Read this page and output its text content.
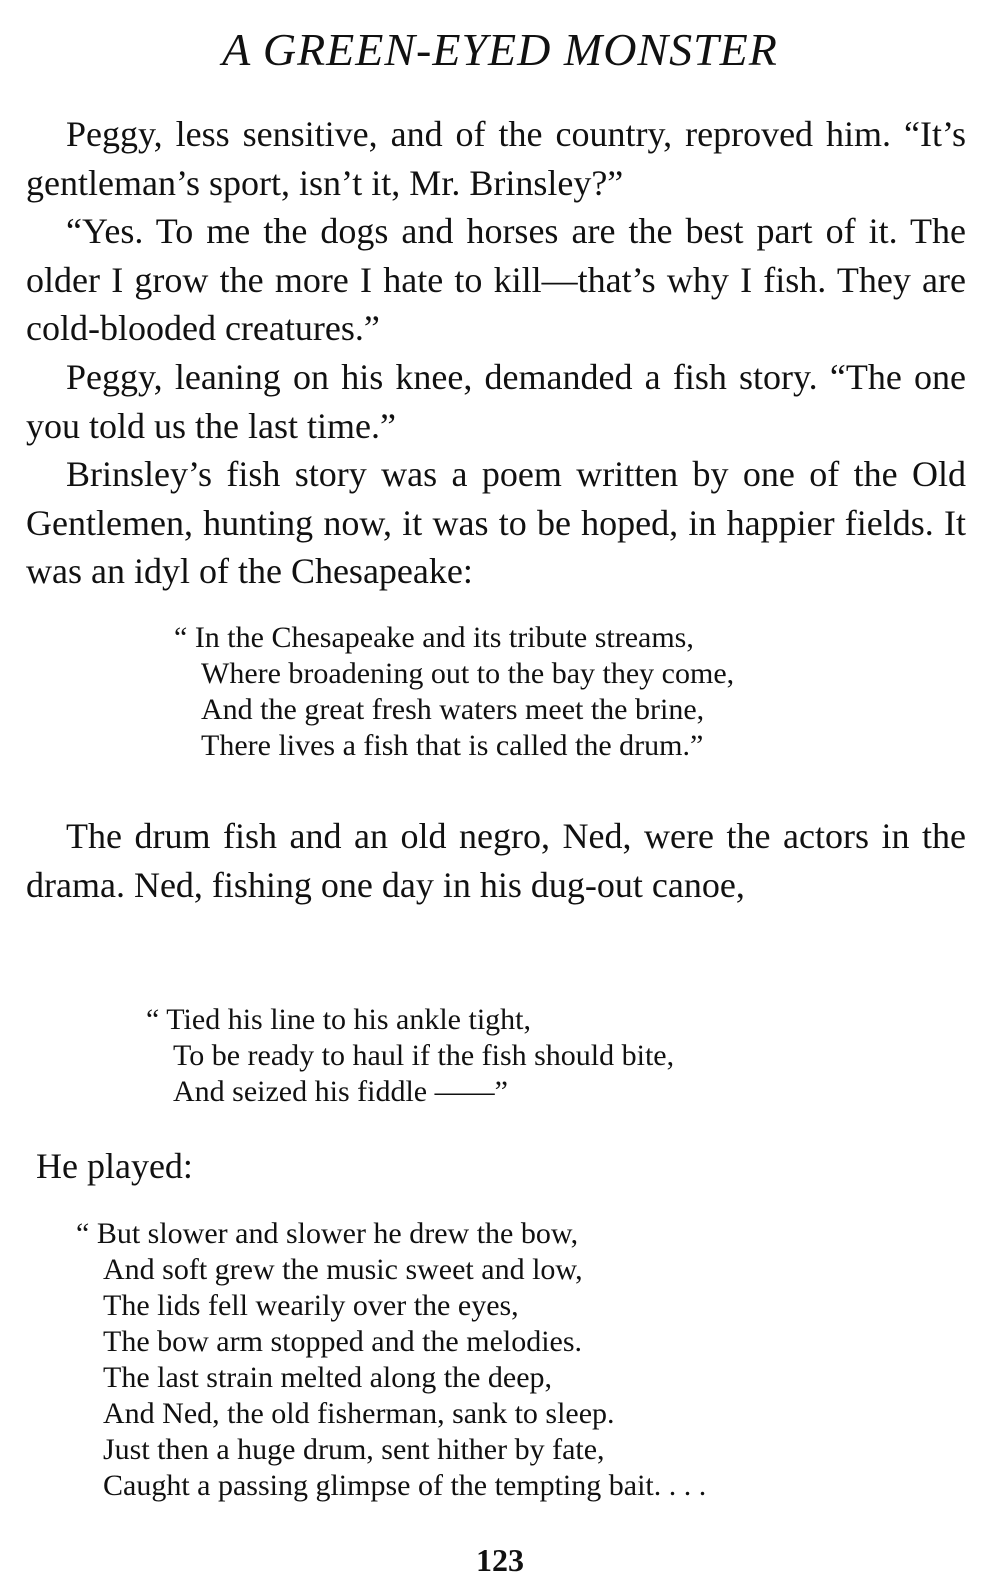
A GREEN-EYED MONSTER

Peggy, less sensitive, and of the country, reproved him. “It’s gentleman’s sport, isn’t it, Mr. Brinsley?”

“Yes. To me the dogs and horses are the best part of it. The older I grow the more I hate to kill—that’s why I fish. They are cold-blooded creatures.”

Peggy, leaning on his knee, demanded a fish story. “The one you told us the last time.”

Brinsley’s fish story was a poem written by one of the Old Gentlemen, hunting now, it was to be hoped, in happier fields. It was an idyl of the Chesapeake:

“ In the Chesapeake and its tribute streams,
Where broadening out to the bay they come,
And the great fresh waters meet the brine,
There lives a fish that is called the drum.”

The drum fish and an old negro, Ned, were the actors in the drama. Ned, fishing one day in his dug-out canoe,

“ Tied his line to his ankle tight,
To be ready to haul if the fish should bite,
And seized his fiddle ——”

He played:

“ But slower and slower he drew the bow,
And soft grew the music sweet and low,
The lids fell wearily over the eyes,
The bow arm stopped and the melodies.
The last strain melted along the deep,
And Ned, the old fisherman, sank to sleep.
Just then a huge drum, sent hither by fate,
Caught a passing glimpse of the tempting bait. . . .
123
